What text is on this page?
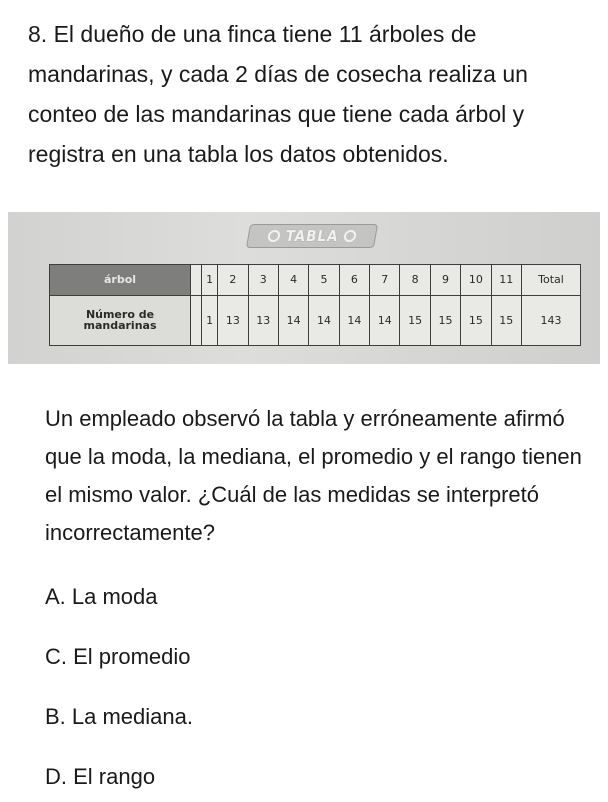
8. El dueño de una finca tiene 11 árboles de mandarinas, y cada 2 días de cosecha realiza un conteo de las mandarinas que tiene cada árbol y registra en una tabla los datos obtenidos.
TABLA
árbol		1	2	3	4	5	6	7	8	9	10	11	Total
Número de mandarinas		1	13	13	14	14	14	14	15	15	15	15	143
Un empleado observó la tabla y erróneamente afirmó que la moda, la mediana, el promedio y el rango tienen el mismo valor. ¿Cuál de las medidas se interpretó incorrectamente?
A. La moda
C. El promedio
B. La mediana.
D. El rango
